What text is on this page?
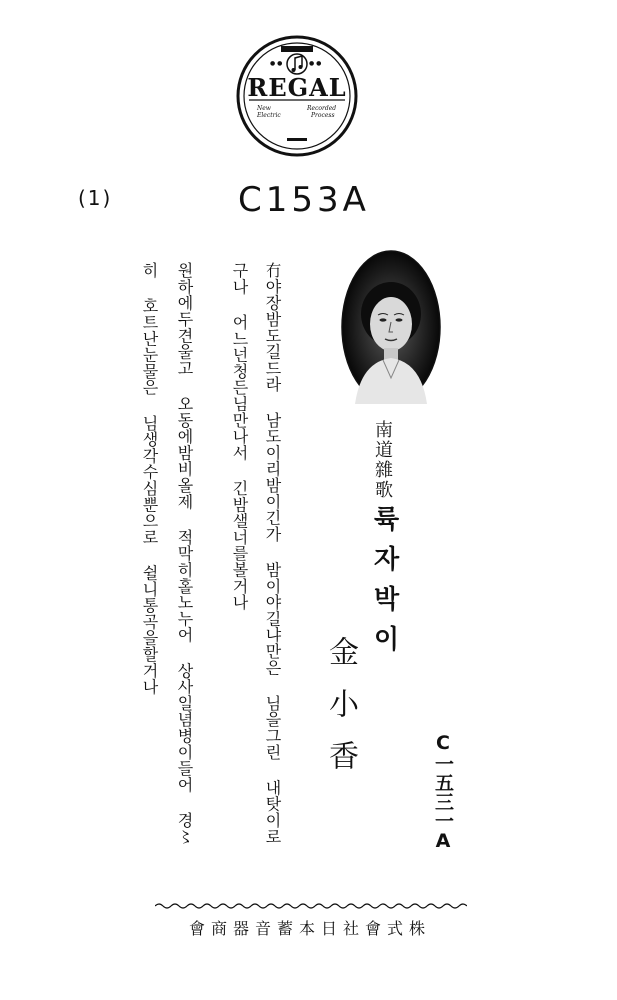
● ●	● ●
REGAL
New
Electric
Recorded
Process
(1)	C153A
冇야장밤도길드라 남도이리밤이긴가 밤이야길냐만은 님을그린 내탓이로
구나 어느넌청든님만나서 긴밤샐너를볼거나
원하에두견울고 오동에밤비올제 적막히홀노누어 상사일념병이들어 경〻
히 호트난눈물은 님생각수심뿐으로 쉴니통곡을할거나	南道雜歌
륙자박이
金小香	C一五三一A
會商器音蓄本日社會式株
